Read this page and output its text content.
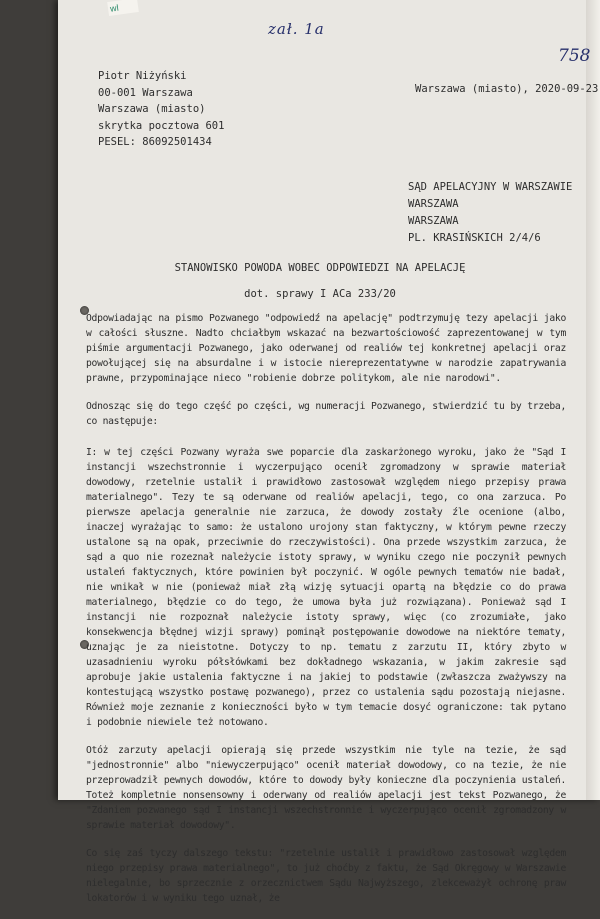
wl
zał. 1a
758
Piotr Niżyński
00-001 Warszawa
Warszawa (miasto)
skrytka pocztowa 601
PESEL: 86092501434
Warszawa (miasto), 2020-09-23
SĄD APELACYJNY W WARSZAWIE
WARSZAWA
WARSZAWA
PL. KRASIŃSKICH 2/4/6
STANOWISKO POWODA WOBEC ODPOWIEDZI NA APELACJĘ
dot. sprawy I ACa 233/20

Odpowiadając na pismo Pozwanego "odpowiedź na apelację" podtrzymuję tezy apelacji jako w całości słuszne. Nadto chciałbym wskazać na bezwartościowość zaprezentowanej w tym piśmie argumentacji Pozwanego, jako oderwanej od realiów tej konkretnej apelacji oraz powołującej się na absurdalne i w istocie niereprezentatywne w narodzie zapatrywania prawne, przypominające nieco "robienie dobrze politykom, ale nie narodowi".

Odnosząc się do tego część po części, wg numeracji Pozwanego, stwierdzić tu by trzeba, co następuje:

I: w tej części Pozwany wyraża swe poparcie dla zaskarżonego wyroku, jako że "Sąd I instancji wszechstronnie i wyczerpująco ocenił zgromadzony w sprawie materiał dowodowy, rzetelnie ustalił i prawidłowo zastosował względem niego przepisy prawa materialnego". Tezy te są oderwane od realiów apelacji, tego, co ona zarzuca. Po pierwsze apelacja generalnie nie zarzuca, że dowody zostały źle ocenione (albo, inaczej wyrażając to samo: że ustalono urojony stan faktyczny, w którym pewne rzeczy ustalone są na opak, przeciwnie do rzeczywistości). Ona przede wszystkim zarzuca, że sąd a quo nie rozeznał należycie istoty sprawy, w wyniku czego nie poczynił pewnych ustaleń faktycznych, które powinien był poczynić. W ogóle pewnych tematów nie badał, nie wnikał w nie (ponieważ miał złą wizję sytuacji opartą na błędzie co do prawa materialnego, błędzie co do tego, że umowa była już rozwiązana). Ponieważ sąd I instancji nie rozpoznał należycie istoty sprawy, więc (co zrozumiałe, jako konsekwencja błędnej wizji sprawy) pominął postępowanie dowodowe na niektóre tematy, uznając je za nieistotne. Dotyczy to np. tematu z zarzutu II, który zbyto w uzasadnieniu wyroku półsłówkami bez dokładnego wskazania, w jakim zakresie sąd aprobuje jakie ustalenia faktyczne i na jakiej to podstawie (zwłaszcza zważywszy na kontestującą wszystko postawę pozwanego), przez co ustalenia sądu pozostają niejasne. Również moje zeznanie z konieczności było w tym temacie dosyć ograniczone: tak pytano i podobnie niewiele też notowano.

Otóż zarzuty apelacji opierają się przede wszystkim nie tyle na tezie, że sąd "jednostronnie" albo "niewyczerpująco" ocenił materiał dowodowy, co na tezie, że nie przeprowadził pewnych dowodów, które to dowody były konieczne dla poczynienia ustaleń. Toteż kompletnie nonsensowny i oderwany od realiów apelacji jest tekst Pozwanego, że "Zdaniem pozwanego sąd I instancji wszechstronnie i wyczerpująco ocenił zgromadzony w sprawie materiał dowodowy".

Co się zaś tyczy dalszego tekstu: "rzetelnie ustalił i prawidłowo zastosował względem niego przepisy prawa materialnego", to już choćby z faktu, że Sąd Okręgowy w Warszawie nielegalnie, bo sprzecznie z orzecznictwem Sądu Najwyższego, zlekceważył ochronę praw lokatorów i w wyniku tego uznał, że
